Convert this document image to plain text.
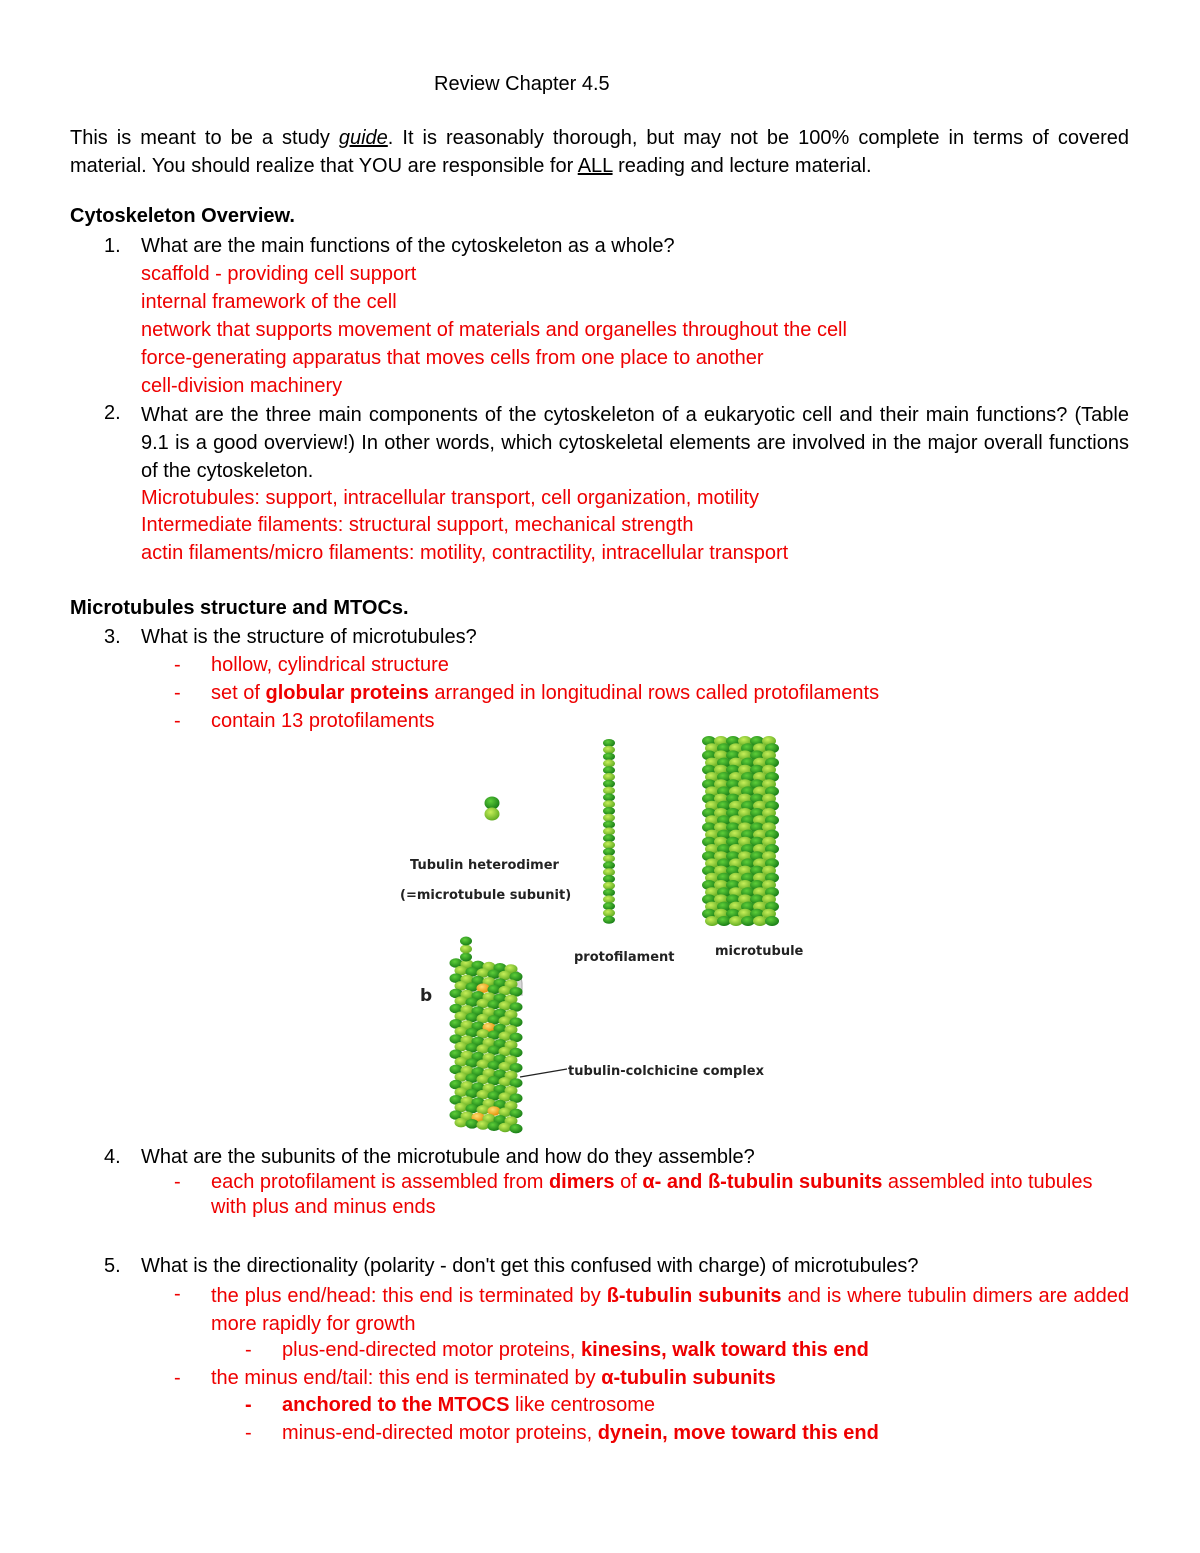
Review Chapter 4.5
This is meant to be a study guide. It is reasonably thorough, but may not be 100% complete in terms of covered material. You should realize that YOU are responsible for ALL reading and lecture material.
Cytoskeleton Overview.
1. What are the main functions of the cytoskeleton as a whole?
scaffold - providing cell support
internal framework of the cell
network that supports movement of materials and organelles throughout the cell
force-generating apparatus that moves cells from one place to another
cell-division machinery
2. What are the three main components of the cytoskeleton of a eukaryotic cell and their main functions? (Table 9.1 is a good overview!) In other words, which cytoskeletal elements are involved in the major overall functions of the cytoskeleton.
Microtubules: support, intracellular transport, cell organization, motility
Intermediate filaments: structural support, mechanical strength
actin filaments/micro filaments: motility, contractility, intracellular transport
Microtubules structure and MTOCs.
3. What is the structure of microtubules?
- hollow, cylindrical structure
- set of globular proteins arranged in longitudinal rows called protofilaments
- contain 13 protofilaments
Tubulin heterodimer
(=microtubule subunit)
protofilament	microtubule
b
tubulin-colchicine complex
4. What are the subunits of the microtubule and how do they assemble?
- each protofilament is assembled from dimers of α- and ß-tubulin subunits assembled into tubules with plus and minus ends
5. What is the directionality (polarity - don't get this confused with charge) of microtubules?
- the plus end/head: this end is terminated by ß-tubulin subunits and is where tubulin dimers are added more rapidly for growth
- plus-end-directed motor proteins, kinesins, walk toward this end
- the minus end/tail: this end is terminated by α-tubulin subunits
- anchored to the MTOCS like centrosome
- minus-end-directed motor proteins, dynein, move toward this end
